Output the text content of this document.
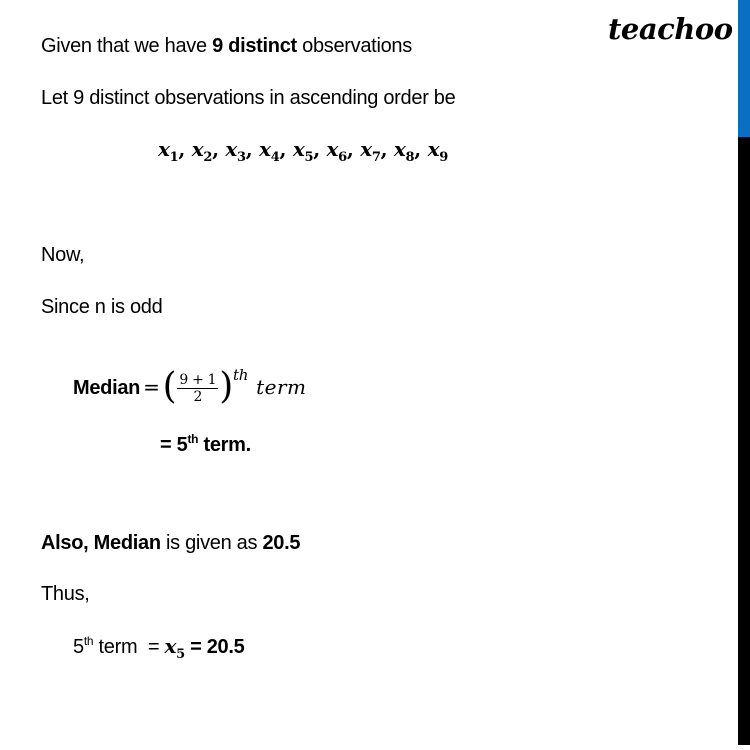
teachoo
Given that we have 9 distinct observations
Let 9 distinct observations in ascending order be
$x_1$, $x_2$, $x_3$, $x_4$, $x_5$, $x_6$, $x_7$, $x_8$, $x_9$
Now,
Since n is odd
Median =( $\frac{9 + 1}{2} )^{th}$ term
= 5th term.
Also, Median is given as 20.5
Thus,
5th term  = $x_5 = 20.5$
